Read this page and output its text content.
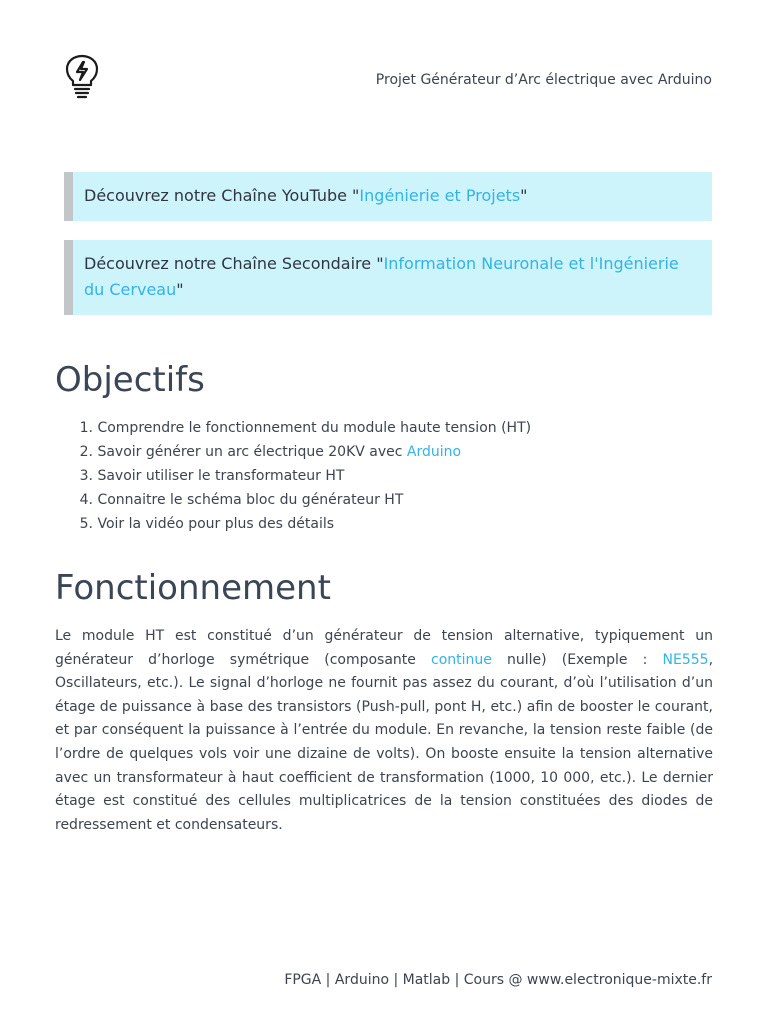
Projet Générateur d’Arc électrique avec Arduino
Découvrez notre Chaîne YouTube "Ingénierie et Projets"
Découvrez notre Chaîne Secondaire "Information Neuronale et l'Ingénierie du Cerveau"
Objectifs
1.
Comprendre le fonctionnement du module haute tension (HT)
2.
Savoir générer un arc électrique 20KV avec Arduino
3.
Savoir utiliser le transformateur HT
4.
Connaitre le schéma bloc du générateur HT
5.
Voir la vidéo pour plus des détails
Fonctionnement

Le module HT est constitué d’un générateur de tension alternative, typiquement un générateur d’horloge symétrique (composante continue nulle) (Exemple : NE555, Oscillateurs, etc.). Le signal d’horloge ne fournit pas assez du courant, d’où l’utilisation d’un étage de puissance à base des transistors (Push-pull, pont H, etc.) afin de booster le courant, et par conséquent la puissance à l’entrée du module. En revanche, la tension reste faible (de l’ordre de quelques vols voir une dizaine de volts). On booste ensuite la tension alternative avec un transformateur à haut coefficient de transformation (1000, 10 000, etc.). Le dernier étage est constitué des cellules multiplicatrices de la tension constituées des diodes de redressement et condensateurs.

FPGA | Arduino | Matlab | Cours @ www.electronique-mixte.fr
